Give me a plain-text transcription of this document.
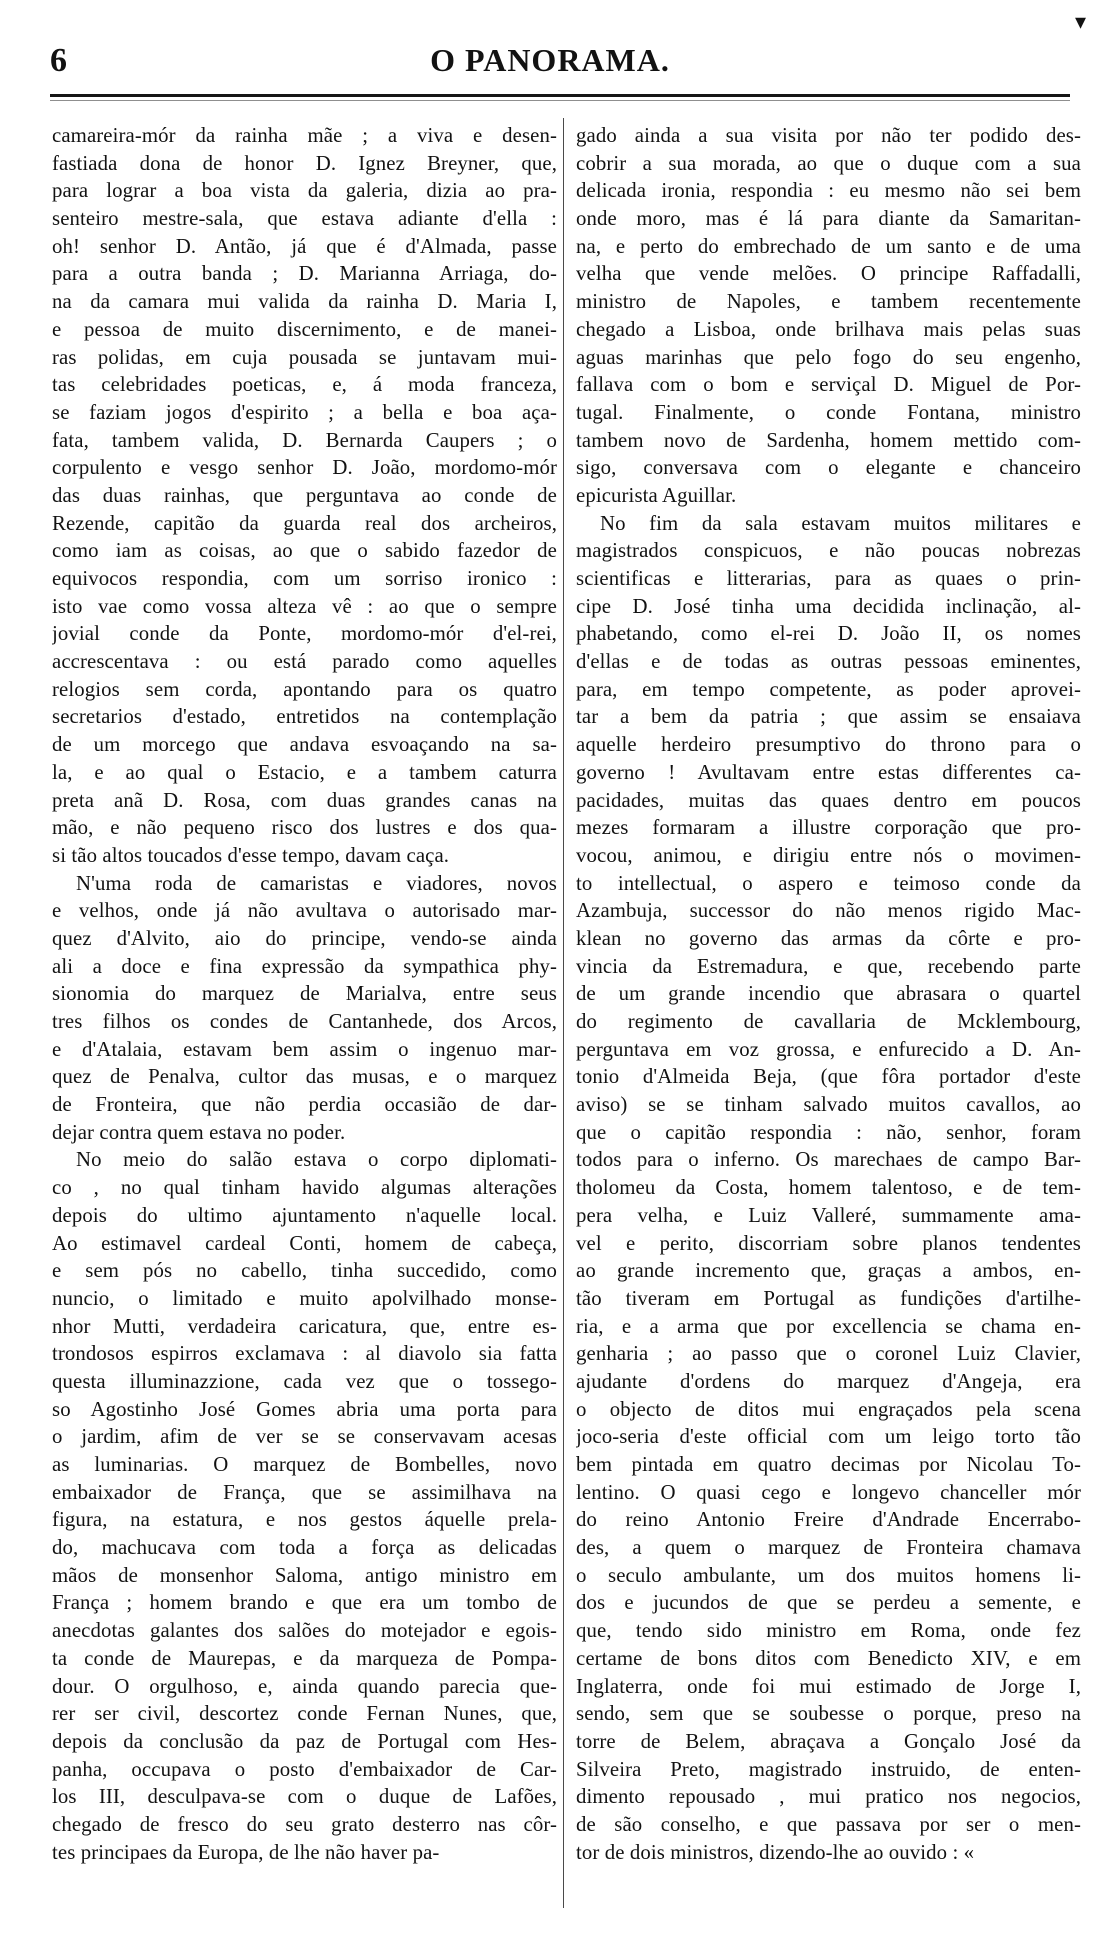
6	O PANORAMA.
▾
camareira-mór da rainha mãe ; a viva e desen-
fastiada dona de honor D. Ignez Breyner, que,
para lograr a boa vista da galeria, dizia ao pra-
senteiro mestre-sala, que estava adiante d'ella :
oh! senhor D. Antão, já que é d'Almada, passe
para a outra banda ; D. Marianna Arriaga, do-
na da camara mui valida da rainha D. Maria I,
e pessoa de muito discernimento, e de manei-
ras polidas, em cuja pousada se juntavam mui-
tas celebridades poeticas, e, á moda franceza,
se faziam jogos d'espirito ; a bella e boa aça-
fata, tambem valida, D. Bernarda Caupers ; o
corpulento e vesgo senhor D. João, mordomo-mór
das duas rainhas, que perguntava ao conde de
Rezende, capitão da guarda real dos archeiros,
como iam as coisas, ao que o sabido fazedor de
equivocos respondia, com um sorriso ironico :
isto vae como vossa alteza vê : ao que o sempre
jovial conde da Ponte, mordomo-mór d'el-rei,
accrescentava : ou está parado como aquelles
relogios sem corda, apontando para os quatro
secretarios d'estado, entretidos na contemplação
de um morcego que andava esvoaçando na sa-
la, e ao qual o Estacio, e a tambem caturra
preta anã D. Rosa, com duas grandes canas na
mão, e não pequeno risco dos lustres e dos qua-
si tão altos toucados d'esse tempo, davam caça.
N'uma roda de camaristas e viadores, novos
e velhos, onde já não avultava o autorisado mar-
quez d'Alvito, aio do principe, vendo-se ainda
ali a doce e fina expressão da sympathica phy-
sionomia do marquez de Marialva, entre seus
tres filhos os condes de Cantanhede, dos Arcos,
e d'Atalaia, estavam bem assim o ingenuo mar-
quez de Penalva, cultor das musas, e o marquez
de Fronteira, que não perdia occasião de dar-
dejar contra quem estava no poder.
No meio do salão estava o corpo diplomati-
co , no qual tinham havido algumas alterações
depois do ultimo ajuntamento n'aquelle local.
Ao estimavel cardeal Conti, homem de cabeça,
e sem pós no cabello, tinha succedido, como
nuncio, o limitado e muito apolvilhado monse-
nhor Mutti, verdadeira caricatura, que, entre es-
trondosos espirros exclamava : al diavolo sia fatta
questa illuminazzione, cada vez que o tossego-
so Agostinho José Gomes abria uma porta para
o jardim, afim de ver se se conservavam acesas
as luminarias. O marquez de Bombelles, novo
embaixador de França, que se assimilhava na
figura, na estatura, e nos gestos áquelle prela-
do, machucava com toda a força as delicadas
mãos de monsenhor Saloma, antigo ministro em
França ; homem brando e que era um tombo de
anecdotas galantes dos salões do motejador e egois-
ta conde de Maurepas, e da marqueza de Pompa-
dour. O orgulhoso, e, ainda quando parecia que-
rer ser civil, descortez conde Fernan Nunes, que,
depois da conclusão da paz de Portugal com Hes-
panha, occupava o posto d'embaixador de Car-
los III, desculpava-se com o duque de Lafões,
chegado de fresco do seu grato desterro nas côr-
tes principaes da Europa, de lhe não haver pa-
gado ainda a sua visita por não ter podido des-
cobrir a sua morada, ao que o duque com a sua
delicada ironia, respondia : eu mesmo não sei bem
onde moro, mas é lá para diante da Samaritan-
na, e perto do embrechado de um santo e de uma
velha que vende melões. O principe Raffadalli,
ministro de Napoles, e tambem recentemente
chegado a Lisboa, onde brilhava mais pelas suas
aguas marinhas que pelo fogo do seu engenho,
fallava com o bom e serviçal D. Miguel de Por-
tugal. Finalmente, o conde Fontana, ministro
tambem novo de Sardenha, homem mettido com-
sigo, conversava com o elegante e chanceiro
epicurista Aguillar.
No fim da sala estavam muitos militares e
magistrados conspicuos, e não poucas nobrezas
scientificas e litterarias, para as quaes o prin-
cipe D. José tinha uma decidida inclinação, al-
phabetando, como el-rei D. João II, os nomes
d'ellas e de todas as outras pessoas eminentes,
para, em tempo competente, as poder aprovei-
tar a bem da patria ; que assim se ensaiava
aquelle herdeiro presumptivo do throno para o
governo ! Avultavam entre estas differentes ca-
pacidades, muitas das quaes dentro em poucos
mezes formaram a illustre corporação que pro-
vocou, animou, e dirigiu entre nós o movimen-
to intellectual, o aspero e teimoso conde da
Azambuja, successor do não menos rigido Mac-
klean no governo das armas da côrte e pro-
vincia da Estremadura, e que, recebendo parte
de um grande incendio que abrasara o quartel
do regimento de cavallaria de Mcklembourg,
perguntava em voz grossa, e enfurecido a D. An-
tonio d'Almeida Beja, (que fôra portador d'este
aviso) se se tinham salvado muitos cavallos, ao
que o capitão respondia : não, senhor, foram
todos para o inferno. Os marechaes de campo Bar-
tholomeu da Costa, homem talentoso, e de tem-
pera velha, e Luiz Valleré, summamente ama-
vel e perito, discorriam sobre planos tendentes
ao grande incremento que, graças a ambos, en-
tão tiveram em Portugal as fundições d'artilhe-
ria, e a arma que por excellencia se chama en-
genharia ; ao passo que o coronel Luiz Clavier,
ajudante d'ordens do marquez d'Angeja, era
o objecto de ditos mui engraçados pela scena
joco-seria d'este official com um leigo torto tão
bem pintada em quatro decimas por Nicolau To-
lentino. O quasi cego e longevo chanceller mór
do reino Antonio Freire d'Andrade Encerrabo-
des, a quem o marquez de Fronteira chamava
o seculo ambulante, um dos muitos homens li-
dos e jucundos de que se perdeu a semente, e
que, tendo sido ministro em Roma, onde fez
certame de bons ditos com Benedicto XIV, e em
Inglaterra, onde foi mui estimado de Jorge I,
sendo, sem que se soubesse o porque, preso na
torre de Belem, abraçava a Gonçalo José da
Silveira Preto, magistrado instruido, de enten-
dimento repousado , mui pratico nos negocios,
de são conselho, e que passava por ser o men-
tor de dois ministros, dizendo-lhe ao ouvido : «
